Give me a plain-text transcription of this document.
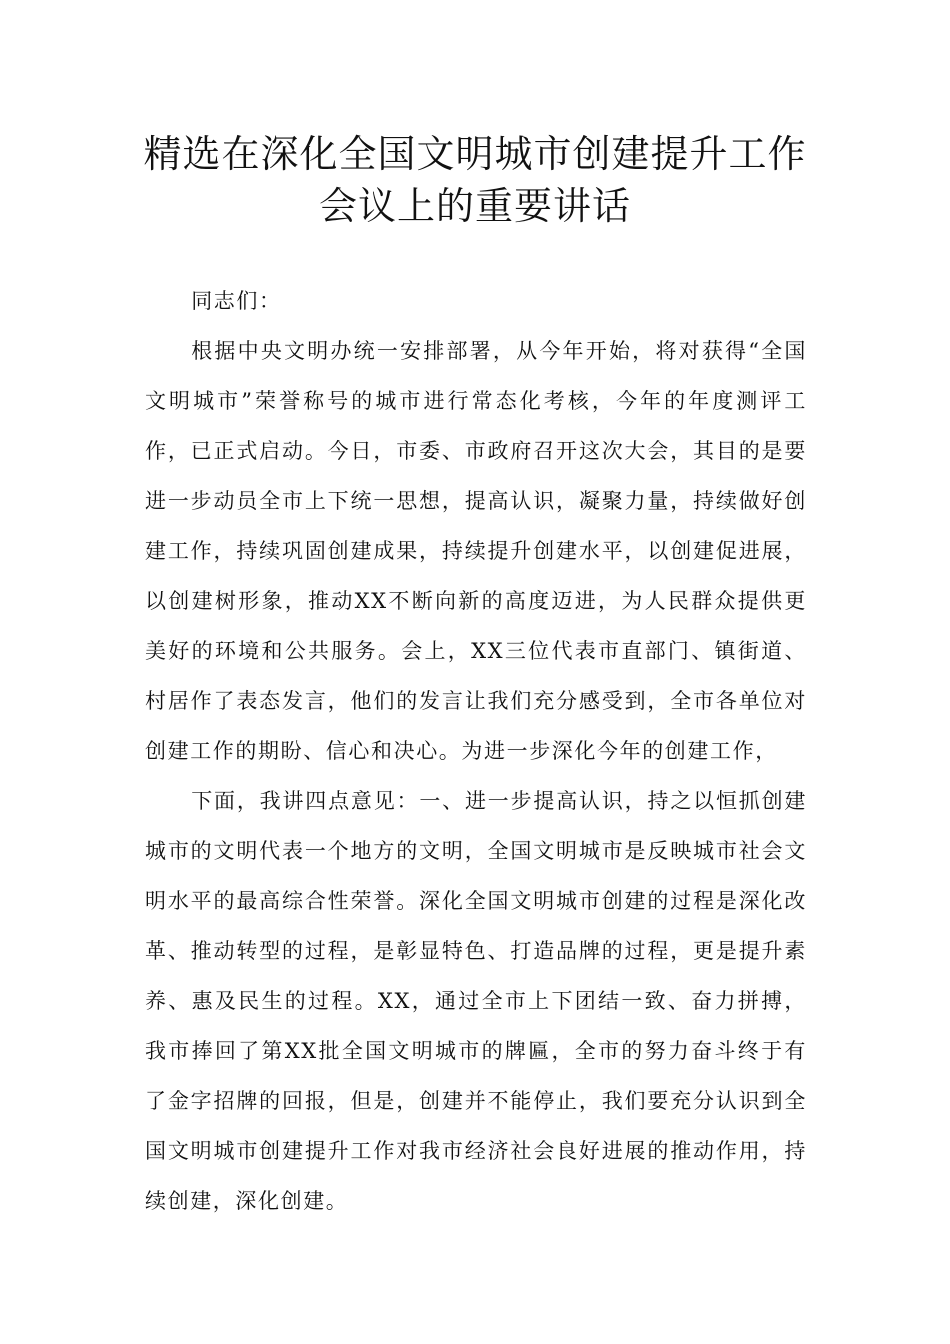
精选在深化全国文明城市创建提升工作
会议上的重要讲话

同志们：

根据中央文明办统一安排部署，从今年开始，将对获得“全国文明城市”荣誉称号的城市进行常态化考核，今年的年度测评工作，已正式启动。今日，市委、市政府召开这次大会，其目的是要进一步动员全市上下统一思想，提高认识，凝聚力量，持续做好创建工作，持续巩固创建成果，持续提升创建水平，以创建促进展，以创建树形象，推动XX不断向新的高度迈进，为人民群众提供更美好的环境和公共服务。会上，XX三位代表市直部门、镇街道、村居作了表态发言，他们的发言让我们充分感受到，全市各单位对创建工作的期盼、信心和决心。为进一步深化今年的创建工作，

下面，我讲四点意见：一、进一步提高认识，持之以恒抓创建城市的文明代表一个地方的文明，全国文明城市是反映城市社会文明水平的最高综合性荣誉。深化全国文明城市创建的过程是深化改革、推动转型的过程，是彰显特色、打造品牌的过程，更是提升素养、惠及民生的过程。XX，通过全市上下团结一致、奋力拼搏，我市捧回了第XX批全国文明城市的牌匾，全市的努力奋斗终于有了金字招牌的回报，但是，创建并不能停止，我们要充分认识到全国文明城市创建提升工作对我市经济社会良好进展的推动作用，持续创建，深化创建。
